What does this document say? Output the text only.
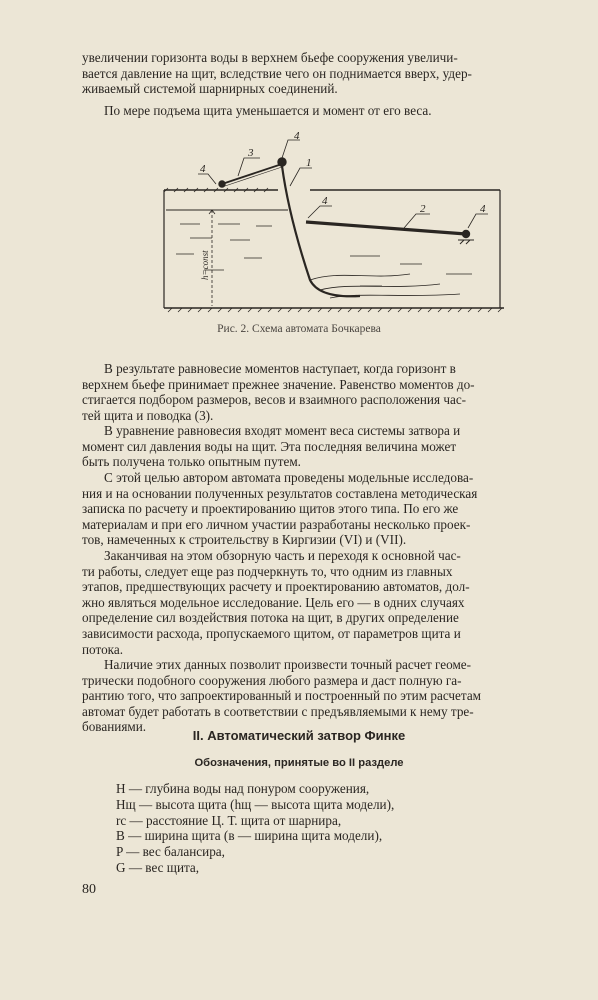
увеличении горизонта воды в верхнем бьефе сооружения увеличи-
вается давление на щит, вследствие чего он поднимается вверх, удер-
живаемый системой шарнирных соединений.
По мере подъема щита уменьшается и момент от его веса.
4
3
4	1
4
2	4
h=const
Рис. 2. Схема автомата Бочкарева
В результате равновесие моментов наступает, когда горизонт в
верхнем бьефе принимает прежнее значение. Равенство моментов до-
стигается подбором размеров, весов и взаимного расположения час-
тей щита и поводка (3).
В уравнение равновесия входят момент веса системы затвора и
момент сил давления воды на щит. Эта последняя величина может
быть получена только опытным путем.
С этой целью автором автомата проведены модельные исследова-
ния и на основании полученных результатов составлена методическая
записка по расчету и проектированию щитов этого типа. По его же
материалам и при его личном участии разработаны несколько проек-
тов, намеченных к строительству в Киргизии (VI) и (VII).
Заканчивая на этом обзорную часть и переходя к основной час-
ти работы, следует еще раз подчеркнуть то, что одним из главных
этапов, предшествующих расчету и проектированию автоматов, дол-
жно являться модельное исследование. Цель его — в одних случаях
определение сил воздействия потока на щит, в других определение
зависимости расхода, пропускаемого щитом, от параметров щита и
потока.
Наличие этих данных позволит произвести точный расчет геоме-
трически подобного сооружения любого размера и даст полную га-
рантию того, что запроектированный и построенный по этим расчетам
автомат будет работать в соответствии с предъявляемыми к нему тре-
бованиями.
II. Автоматический затвор Финке
Обозначения, принятые во II разделе
H — глубина воды над понуром сооружения,
Hщ — высота щита (hщ — высота щита модели),
rc — расстояние Ц. Т. щита от шарнира,
B — ширина щита (в — ширина щита модели),
P — вес балансира,
G — вес щита,
80
